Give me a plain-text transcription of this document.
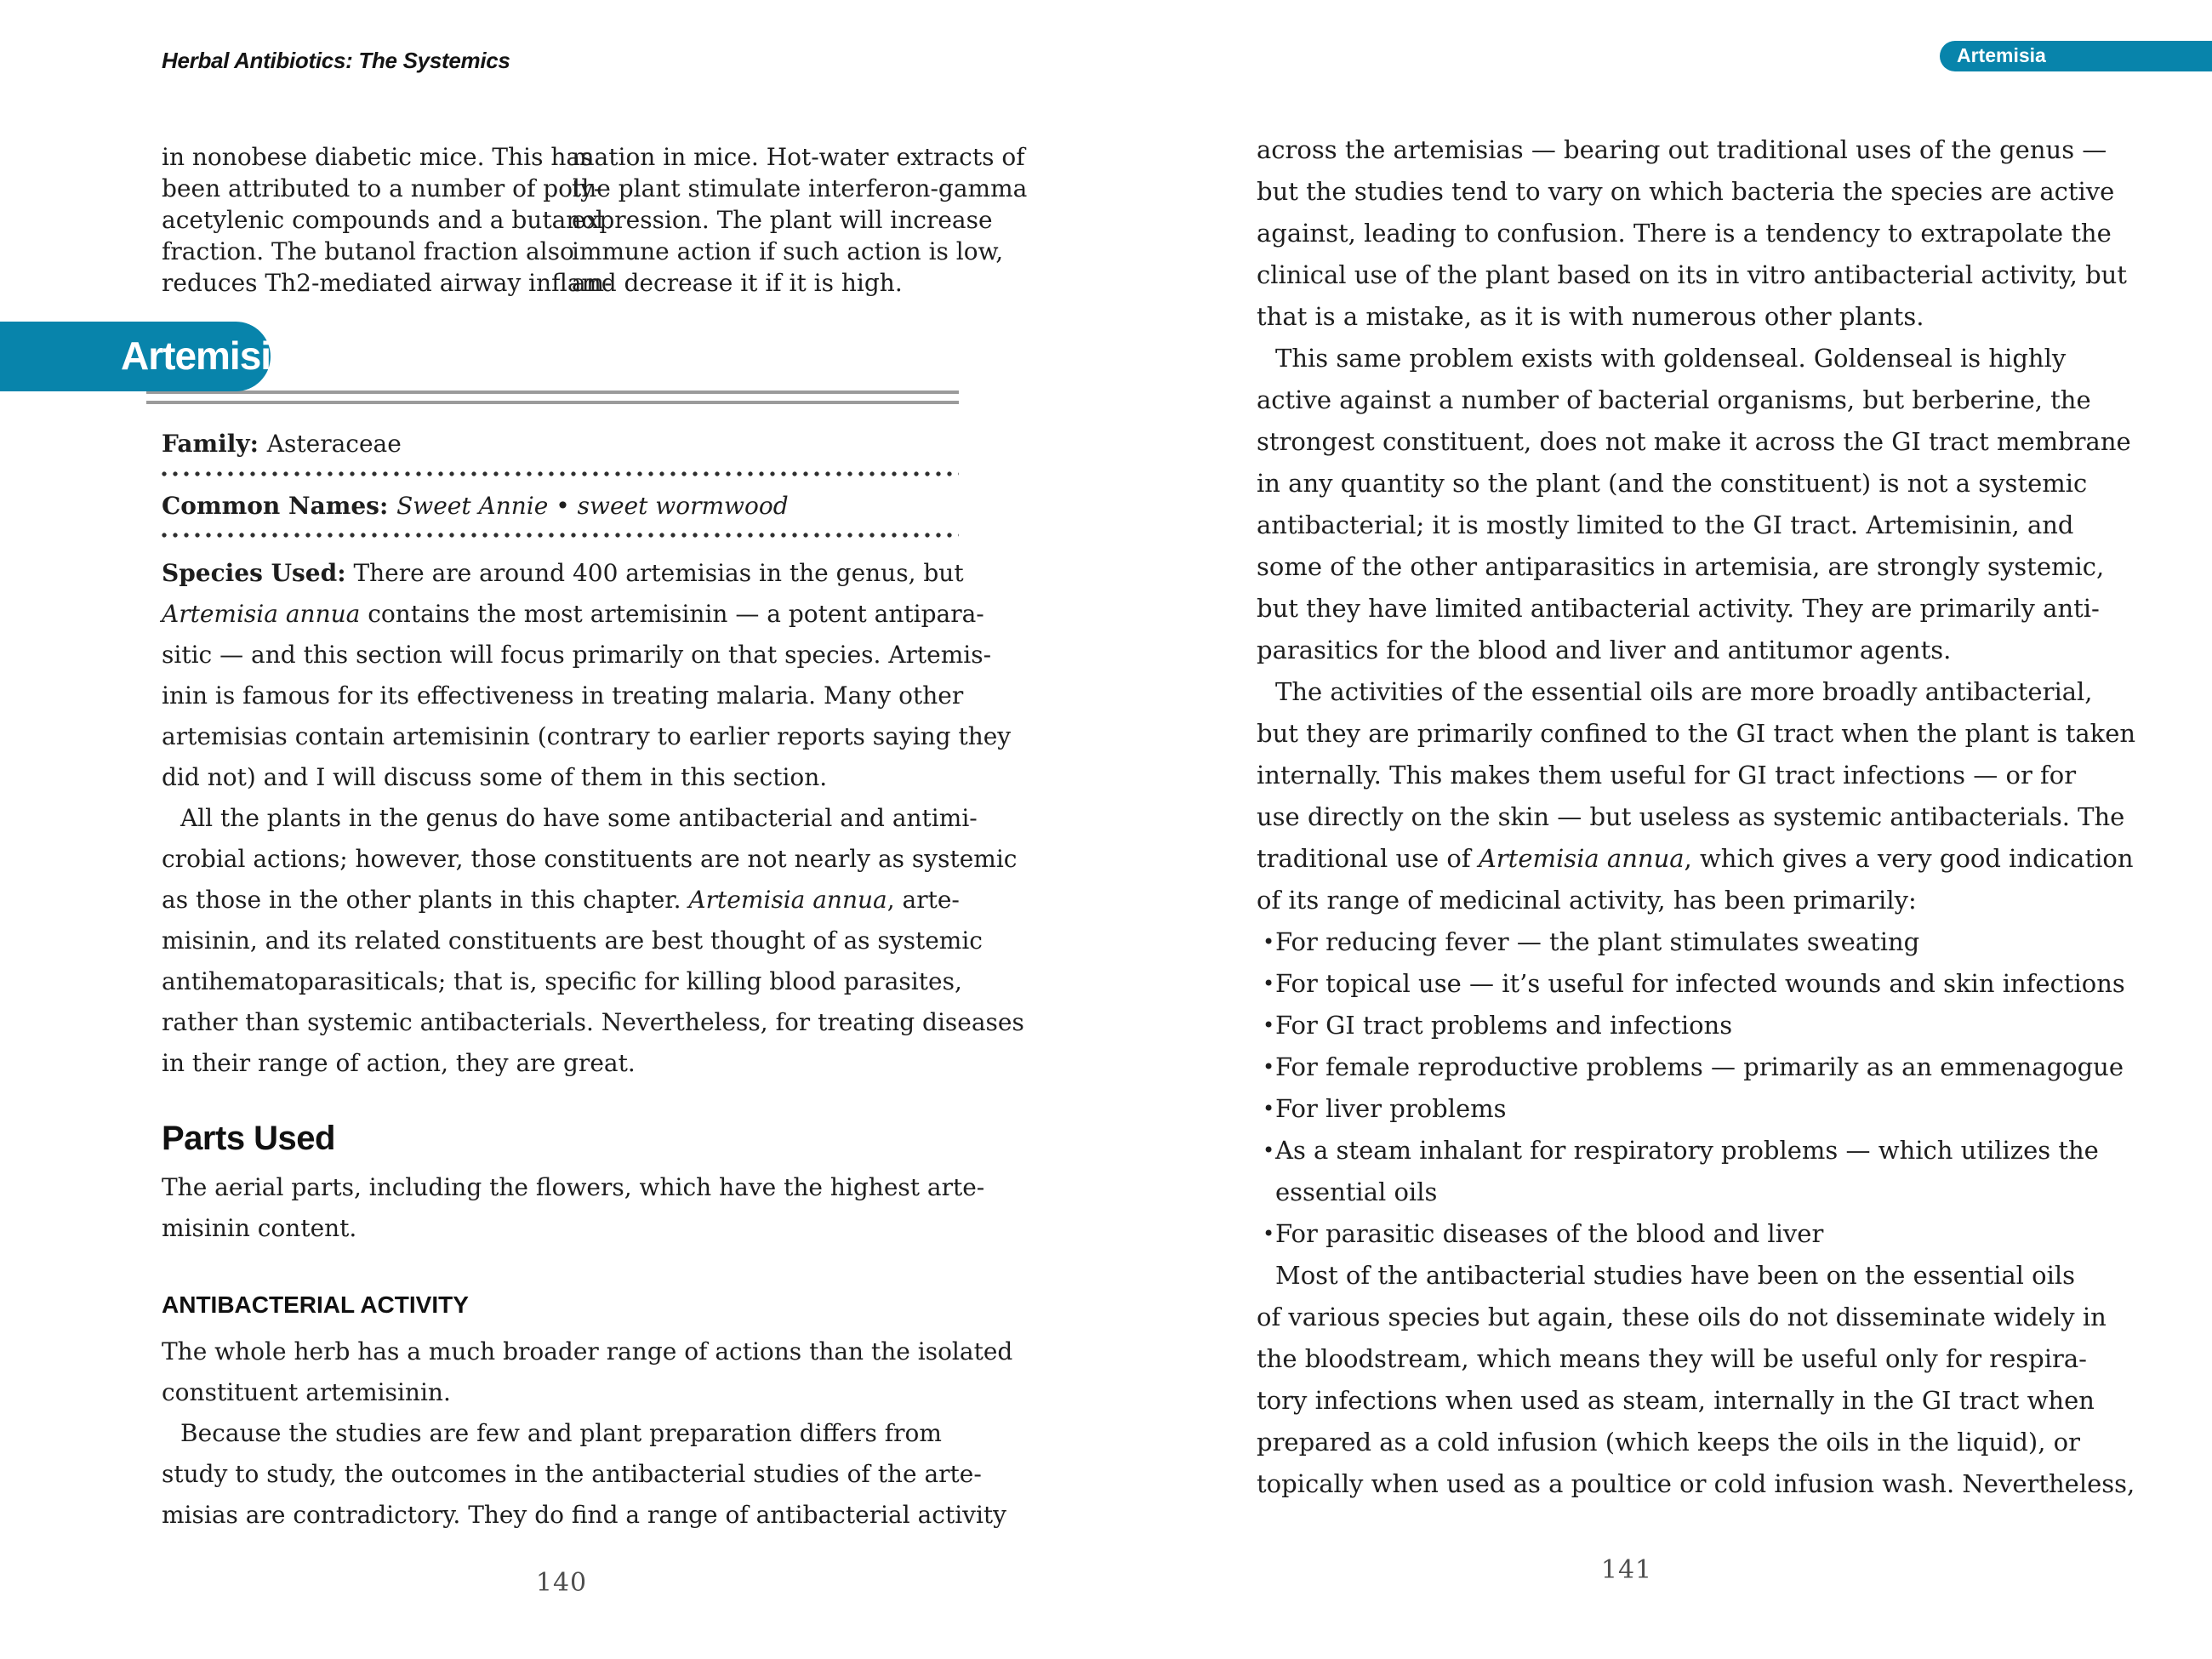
Herbal Antibiotics: The Systemics
in nonobese diabetic mice. This has
been attributed to a number of poly-
acetylenic compounds and a butanol
fraction. The butanol fraction also
reduces Th2-mediated airway inflam-
mation in mice. Hot-water extracts of
the plant stimulate interferon-gamma
expression. The plant will increase
immune action if such action is low,
and decrease it if it is high.
Artemisia
Family: Asteraceae
Common Names: Sweet Annie • sweet wormwood
Species Used: There are around 400 artemisias in the genus, but
Artemisia annua contains the most artemisinin — a potent antipara-
sitic — and this section will focus primarily on that species. Artemis-
inin is famous for its effectiveness in treating malaria. Many other
artemisias contain artemisinin (contrary to earlier reports saying they
did not) and I will discuss some of them in this section.
All the plants in the genus do have some antibacterial and antimi-
crobial actions; however, those constituents are not nearly as systemic
as those in the other plants in this chapter. Artemisia annua, arte-
misinin, and its related constituents are best thought of as systemic
antihematoparasiticals; that is, specific for killing blood parasites,
rather than systemic antibacterials. Nevertheless, for treating diseases
in their range of action, they are great.
Parts Used
The aerial parts, including the flowers, which have the highest arte-
misinin content.
ANTIBACTERIAL ACTIVITY
The whole herb has a much broader range of actions than the isolated
constituent artemisinin.
Because the studies are few and plant preparation differs from
study to study, the outcomes in the antibacterial studies of the arte-
misias are contradictory. They do find a range of antibacterial activity
140
Artemisia
across the artemisias — bearing out traditional uses of the genus —
but the studies tend to vary on which bacteria the species are active
against, leading to confusion. There is a tendency to extrapolate the
clinical use of the plant based on its in vitro antibacterial activity, but
that is a mistake, as it is with numerous other plants.
This same problem exists with goldenseal. Goldenseal is highly
active against a number of bacterial organisms, but berberine, the
strongest constituent, does not make it across the GI tract membrane
in any quantity so the plant (and the constituent) is not a systemic
antibacterial; it is mostly limited to the GI tract. Artemisinin, and
some of the other antiparasitics in artemisia, are strongly systemic,
but they have limited antibacterial activity. They are primarily anti-
parasitics for the blood and liver and antitumor agents.
The activities of the essential oils are more broadly antibacterial,
but they are primarily confined to the GI tract when the plant is taken
internally. This makes them useful for GI tract infections — or for
use directly on the skin — but useless as systemic antibacterials. The
traditional use of Artemisia annua, which gives a very good indication
of its range of medicinal activity, has been primarily:
• For reducing fever — the plant stimulates sweating
• For topical use — it’s useful for infected wounds and skin infections
• For GI tract problems and infections
• For female reproductive problems — primarily as an emmenagogue
• For liver problems
• As a steam inhalant for respiratory problems — which utilizes the
essential oils
• For parasitic diseases of the blood and liver
Most of the antibacterial studies have been on the essential oils
of various species but again, these oils do not disseminate widely in
the bloodstream, which means they will be useful only for respira-
tory infections when used as steam, internally in the GI tract when
prepared as a cold infusion (which keeps the oils in the liquid), or
topically when used as a poultice or cold infusion wash. Nevertheless,
141
